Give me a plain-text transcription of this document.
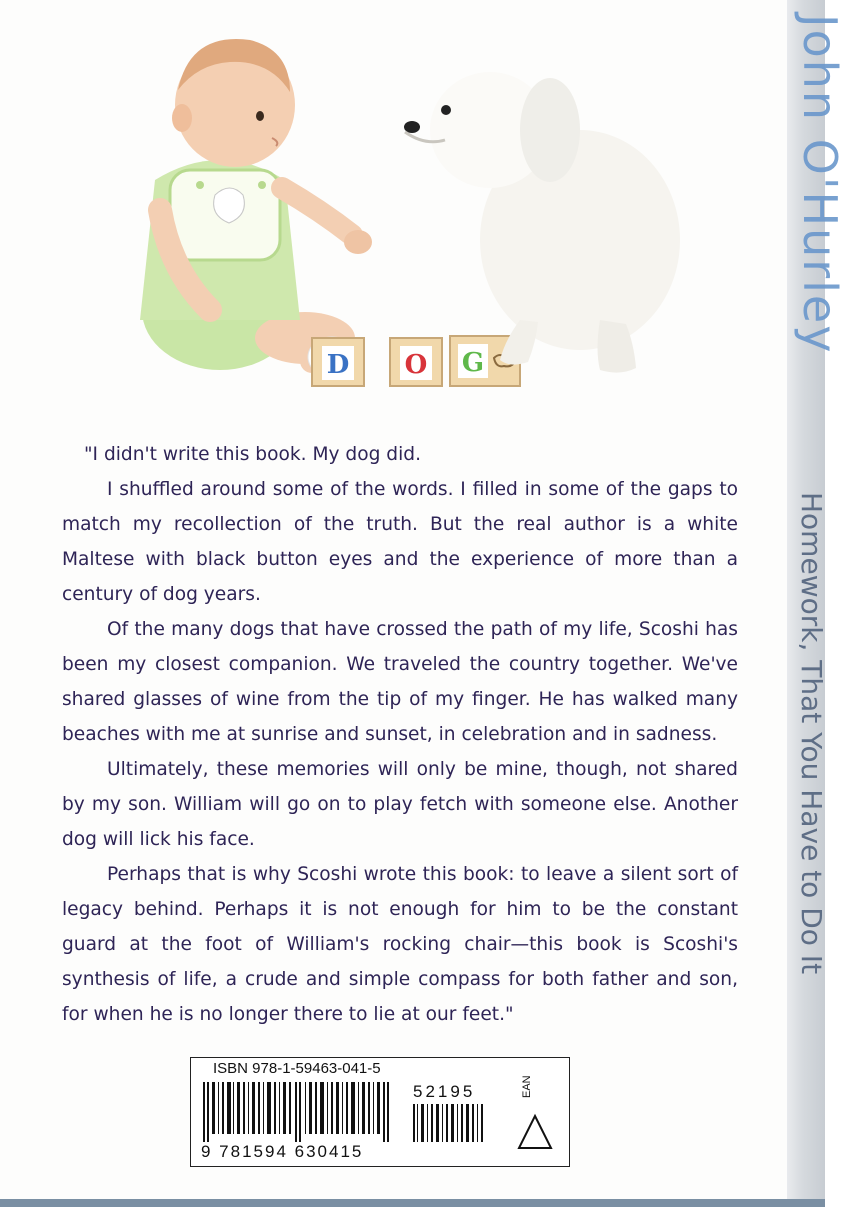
D O G

"I didn't write this book. My dog did.

I shuffled around some of the words. I filled in some of the gaps to match my recollection of the truth. But the real author is a white Maltese with black button eyes and the experience of more than a century of dog years.

Of the many dogs that have crossed the path of my life, Scoshi has been my closest companion. We traveled the country together. We've shared glasses of wine from the tip of my finger. He has walked many beaches with me at sunrise and sunset, in celebration and in sadness.

Ultimately, these memories will only be mine, though, not shared by my son. William will go on to play fetch with someone else. Another dog will lick his face.

Perhaps that is why Scoshi wrote this book: to leave a silent sort of legacy behind. Perhaps it is not enough for him to be the constant guard at the foot of William's rocking chair—this book is Scoshi's synthesis of life, a crude and simple compass for both father and son, for when he is no longer there to lie at our feet."

ISBN 978-1-59463-041-5
9 781594 630415
52195	EAN
John O'Hurley
Homework, That You Have to Do It
